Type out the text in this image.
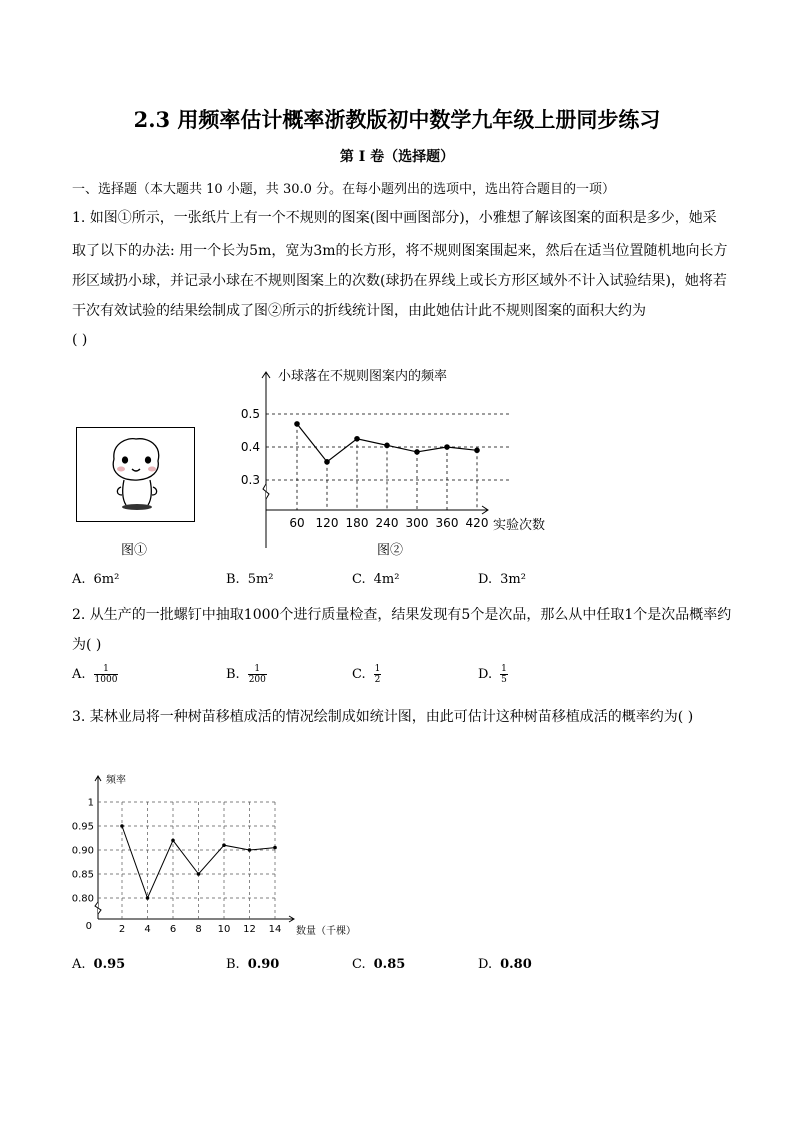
2.3 用频率估计概率浙教版初中数学九年级上册同步练习
第 I 卷（选择题）
一、选择题（本大题共 10 小题，共 30.0 分。在每小题列出的选项中，选出符合题目的一项）
1. 如图①所示，一张纸片上有一个不规则的图案(图中画图部分)，小雅想了解该图案的面积是多少，她采
取了以下的办法: 用一个长为5m，宽为3m的长方形，将不规则图案围起来，然后在适当位置随机地向长方
形区域扔小球，并记录小球在不规则图案上的次数(球扔在界线上或长方形区域外不计入试验结果)，她将若
干次有效试验的结果绘制成了图②所示的折线统计图，由此她估计此不规则图案的面积大约为
( )
图①
小球落在不规则图案内的频率
实验次数
0.3
0.4
0.5
60 120 180 240 300 360 420
图②
A. 6m²	B. 5m²	C. 4m²	D. 3m²
2. 从生产的一批螺钉中抽取1000个进行质量检查，结果发现有5个是次品，那么从中任取1个是次品概率约
为( )
A. $\frac{1}{1000}$	B. $\frac{1}{200}$	C. $\frac{1}{2}$	D. $\frac{1}{5}$
3. 某林业局将一种树苗移植成活的情况绘制成如统计图，由此可估计这种树苗移植成活的概率约为( )
频率
数量（千棵）
0
1
0.95
0.90
0.85
0.80
2 4 6 8 10 12 14
A. 0.95	B. 0.90	C. 0.85	D. 0.80
